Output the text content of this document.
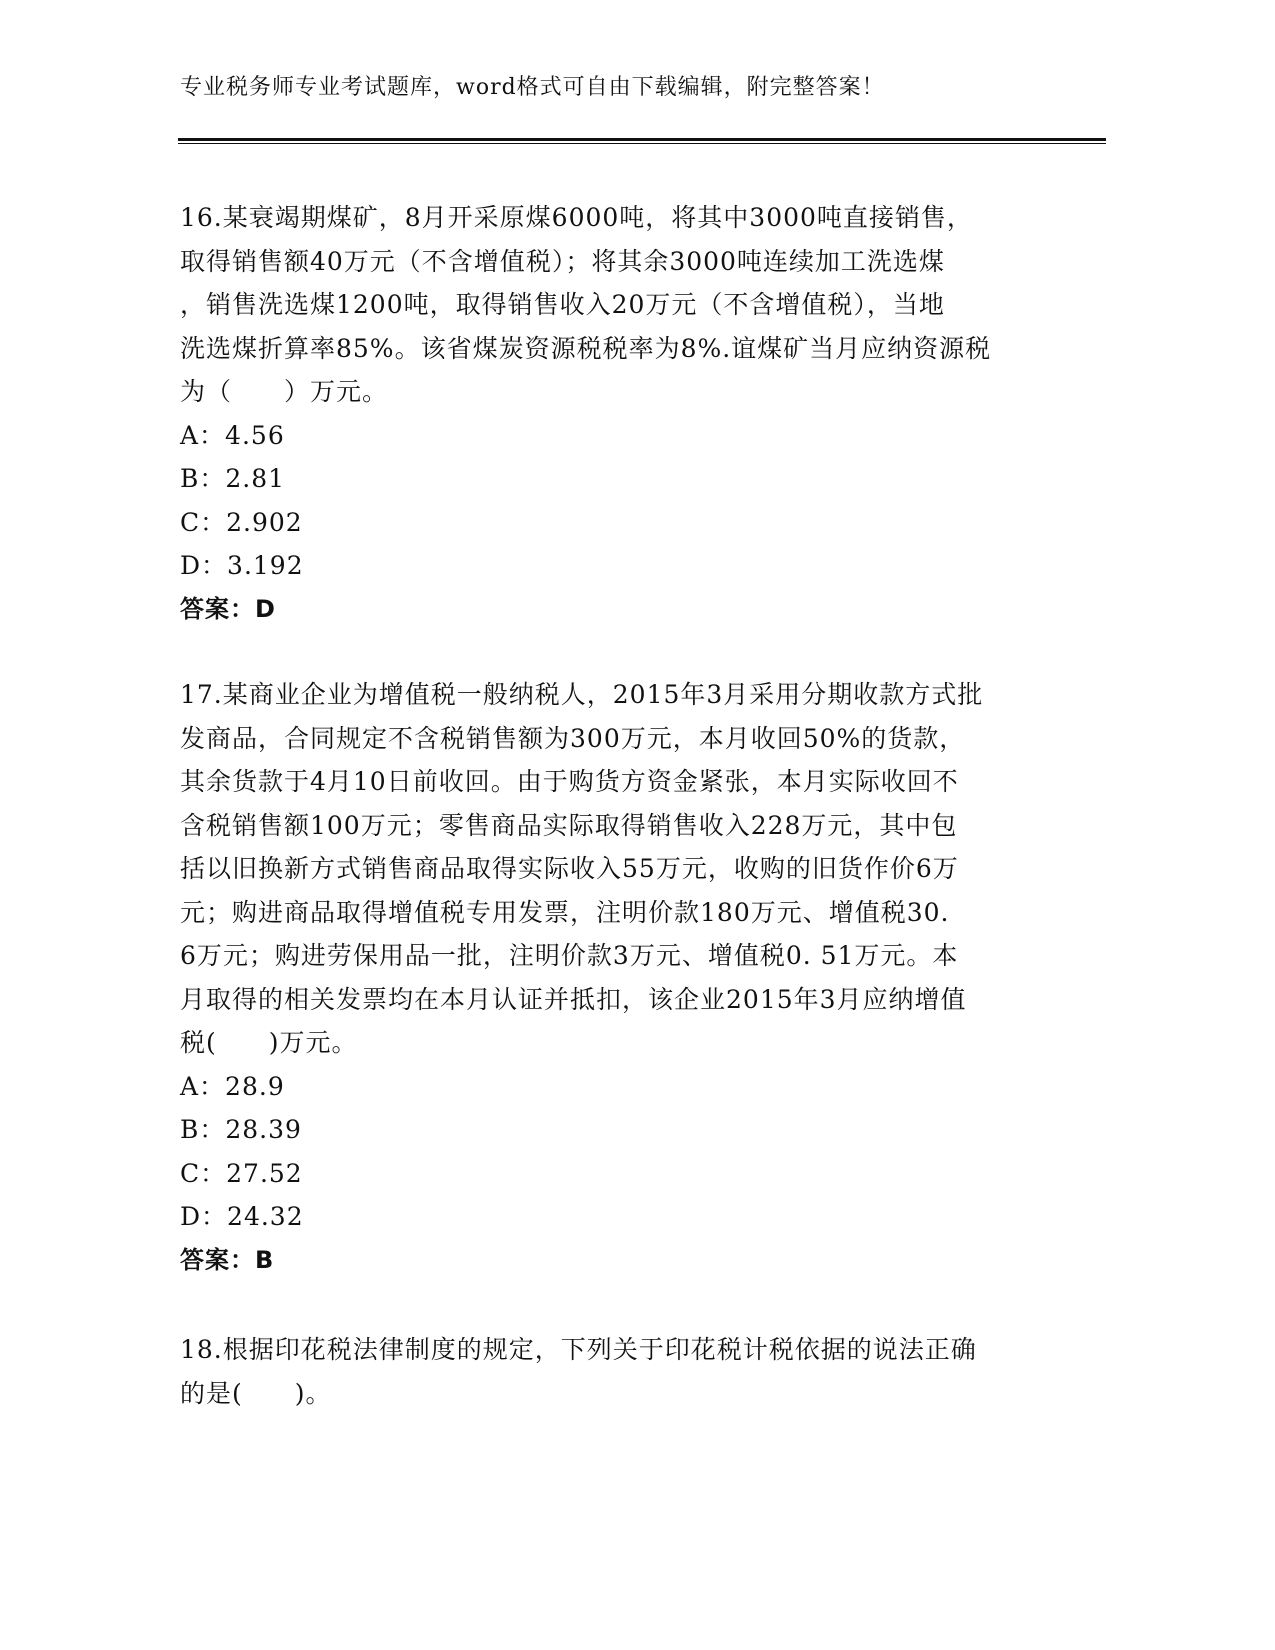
专业税务师专业考试题库，word格式可自由下载编辑，附完整答案！
16.某衰竭期煤矿，8月开采原煤6000吨，将其中3000吨直接销售，
取得销售额40万元（不含增值税）；将其余3000吨连续加工洗选煤
，销售洗选煤1200吨，取得销售收入20万元（不含增值税），当地
洗选煤折算率85%。该省煤炭资源税税率为8%.谊煤矿当月应纳资源税
为（　　）万元。
A：4.56
B：2.81
C：2.902
D：3.192
答案：D
17.某商业企业为增值税一般纳税人，2015年3月采用分期收款方式批
发商品，合同规定不含税销售额为300万元，本月收回50%的货款，
其余货款于4月10日前收回。由于购货方资金紧张，本月实际收回不
含税销售额100万元；零售商品实际取得销售收入228万元，其中包
括以旧换新方式销售商品取得实际收入55万元，收购的旧货作价6万
元；购进商品取得增值税专用发票，注明价款180万元、增值税30.
6万元；购进劳保用品一批，注明价款3万元、增值税0. 51万元。本
月取得的相关发票均在本月认证并抵扣，该企业2015年3月应纳增值
税(　　)万元。
A：28.9
B：28.39
C：27.52
D：24.32
答案：B
18.根据印花税法律制度的规定，下列关于印花税计税依据的说法正确
的是(　　)。
